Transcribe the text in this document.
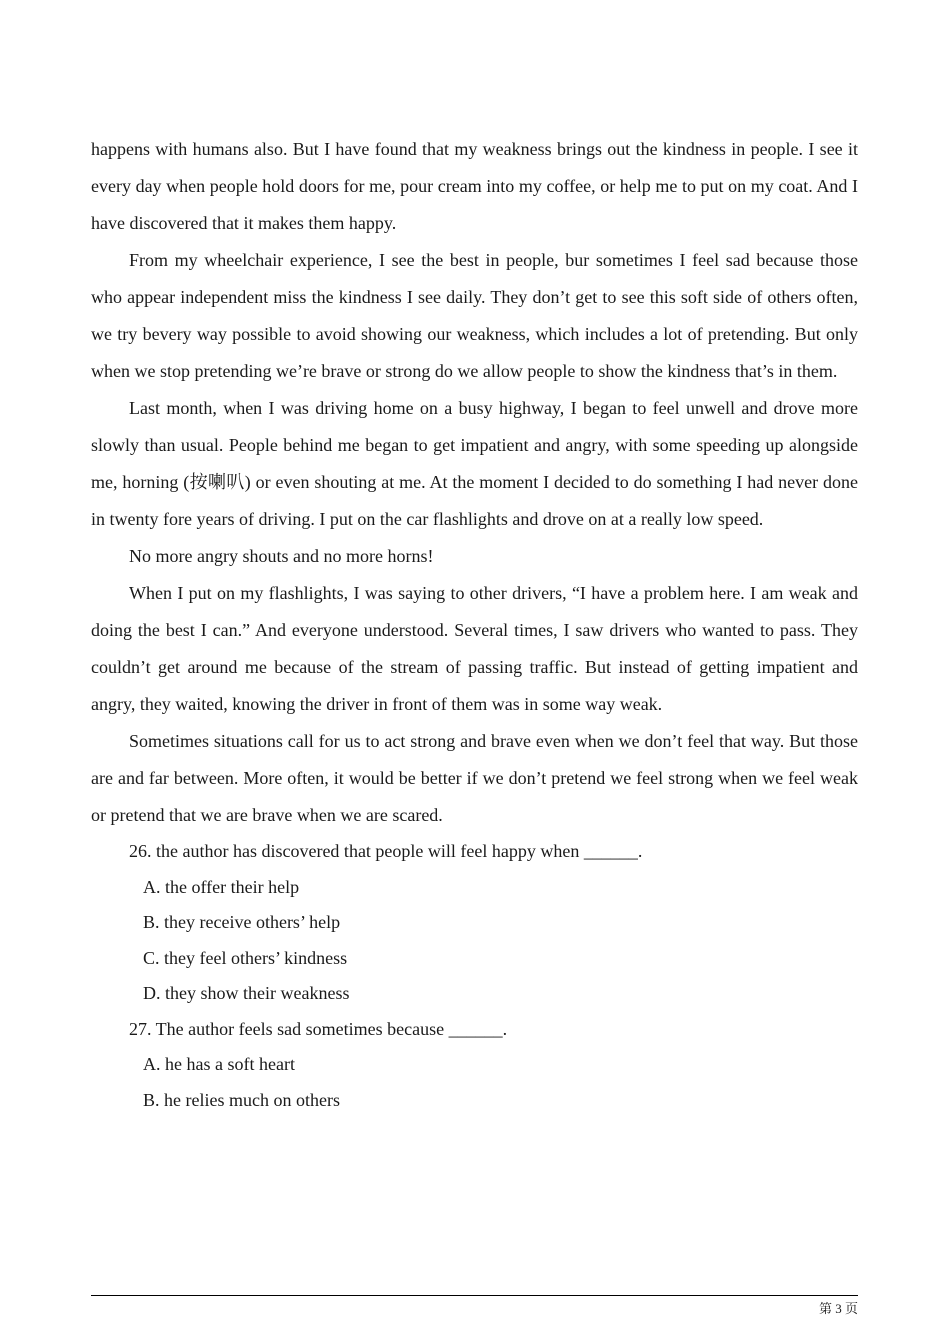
happens with humans also. But I have found that my weakness brings out the kindness in people. I see it every day when people hold doors for me, pour cream into my coffee, or help me to put on my coat. And I have discovered that it makes them happy.

From my wheelchair experience, I see the best in people, bur sometimes I feel sad because those who appear independent miss the kindness I see daily. They don’t get to see this soft side of others often, we try bevery way possible to avoid showing our weakness, which includes a lot of pretending. But only when we stop pretending we’re brave or strong do we allow people to show the kindness that’s in them.

Last month, when I was driving home on a busy highway, I began to feel unwell and drove more slowly than usual. People behind me began to get impatient and angry, with some speeding up alongside me, horning (按喇叭) or even shouting at me. At the moment I decided to do something I had never done in twenty fore years of driving. I put on the car flashlights and drove on at a really low speed.

No more angry shouts and no more horns!

When I put on my flashlights, I was saying to other drivers, “I have a problem here. I am weak and doing the best I can.” And everyone understood. Several times, I saw drivers who wanted to pass. They couldn’t get around me because of the stream of passing traffic. But instead of getting impatient and angry, they waited, knowing the driver in front of them was in some way weak.

Sometimes situations call for us to act strong and brave even when we don’t feel that way. But those are and far between. More often, it would be better if we don’t pretend we feel strong when we feel weak or pretend that we are brave when we are scared.

26. the author has discovered that people will feel happy when ______.

A. the offer their help

B. they receive others’ help

C. they feel others’ kindness

D. they show their weakness

27. The author feels sad sometimes because ______.

A. he has a soft heart

B. he relies much on others

第 3 页
